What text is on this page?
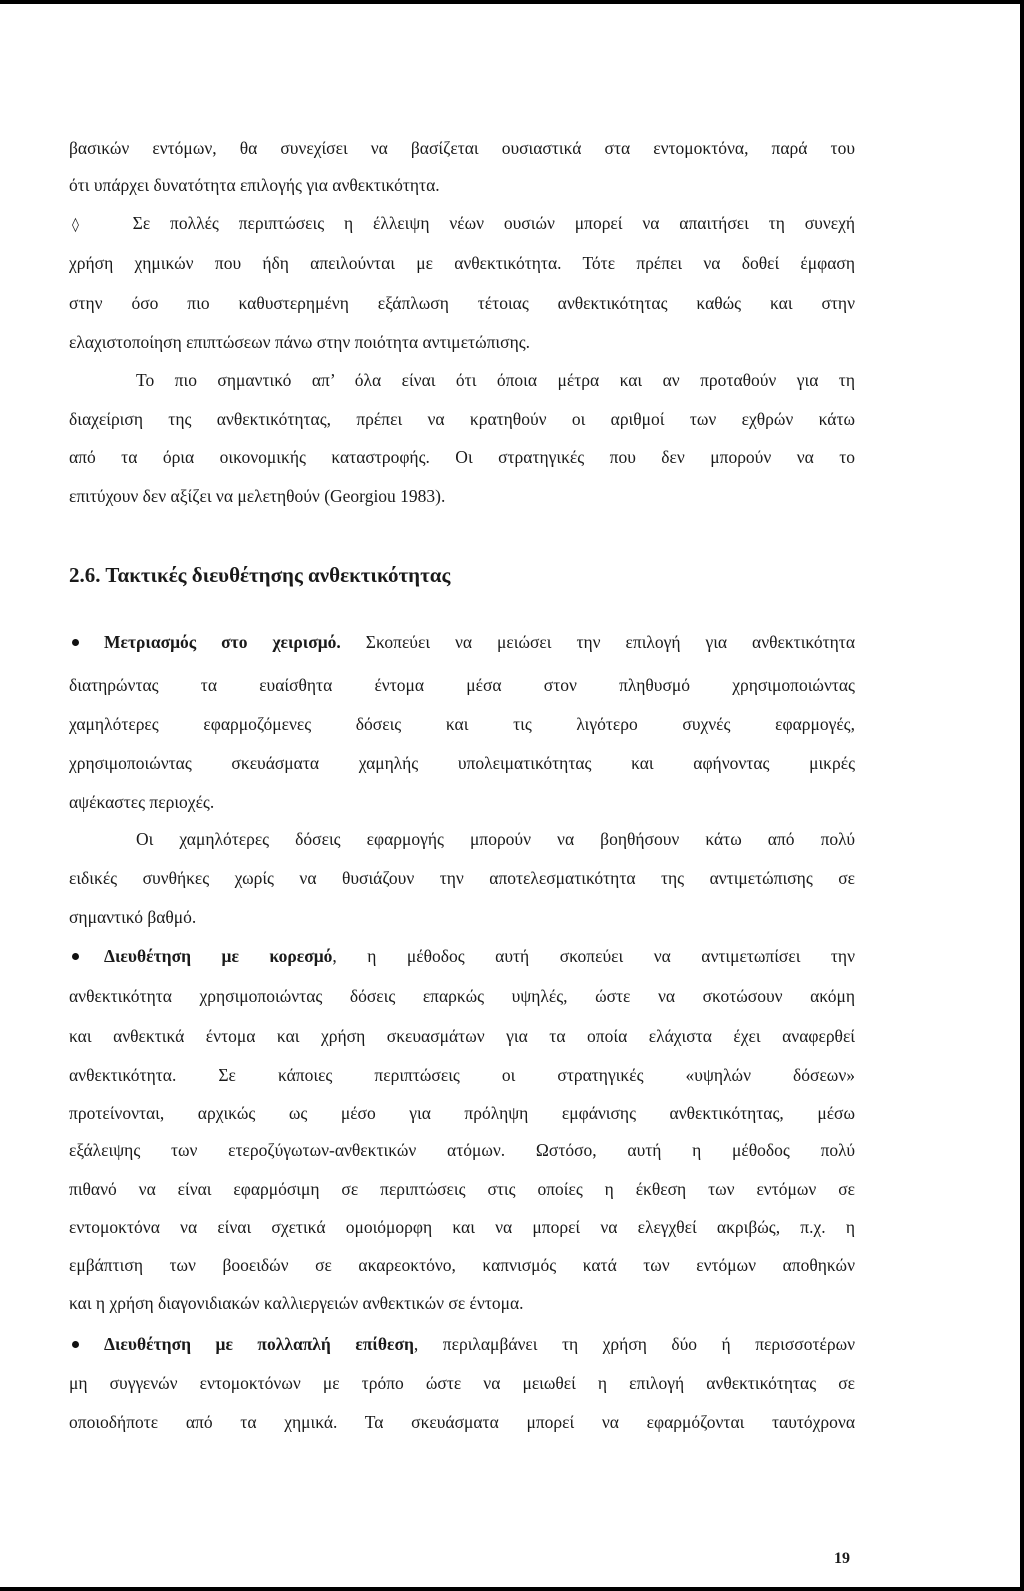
βασικών εντόμων, θα συνεχίσει να βασίζεται ουσιαστικά στα εντομοκτόνα, παρά του
ότι υπάρχει δυνατότητα επιλογής για ανθεκτικότητα.
◊	Σε πολλές περιπτώσεις η έλλειψη νέων ουσιών μπορεί να απαιτήσει τη συνεχή
χρήση χημικών που ήδη απειλούνται με ανθεκτικότητα. Τότε πρέπει να δοθεί έμφαση
στην όσο πιο καθυστερημένη εξάπλωση τέτοιας ανθεκτικότητας καθώς και στην
ελαχιστοποίηση επιπτώσεων πάνω στην ποιότητα αντιμετώπισης.
Το πιο σημαντικό απ’ όλα είναι ότι όποια μέτρα και αν προταθούν για τη
διαχείριση της ανθεκτικότητας, πρέπει να κρατηθούν οι αριθμοί των εχθρών κάτω
από τα όρια οικονομικής καταστροφής. Οι στρατηγικές που δεν μπορούν να το
επιτύχουν δεν αξίζει να μελετηθούν (Georgiou 1983).
2.6. Τακτικές διευθέτησης ανθεκτικότητας
Μετριασμός στο χειρισμό. Σκοπεύει να μειώσει την επιλογή για ανθεκτικότητα
διατηρώντας τα ευαίσθητα έντομα μέσα στον πληθυσμό χρησιμοποιώντας
χαμηλότερες εφαρμοζόμενες δόσεις και τις λιγότερο συχνές εφαρμογές,
χρησιμοποιώντας σκευάσματα χαμηλής υπολειματικότητας και αφήνοντας μικρές
αψέκαστες περιοχές.
Οι χαμηλότερες δόσεις εφαρμογής μπορούν να βοηθήσουν κάτω από πολύ
ειδικές συνθήκες χωρίς να θυσιάζουν την αποτελεσματικότητα της αντιμετώπισης σε
σημαντικό βαθμό.
Διευθέτηση με κορεσμό, η μέθοδος αυτή σκοπεύει να αντιμετωπίσει την
ανθεκτικότητα χρησιμοποιώντας δόσεις επαρκώς υψηλές, ώστε να σκοτώσουν ακόμη
και ανθεκτικά έντομα και χρήση σκευασμάτων για τα οποία ελάχιστα έχει αναφερθεί
ανθεκτικότητα. Σε κάποιες περιπτώσεις οι στρατηγικές «υψηλών δόσεων»
προτείνονται, αρχικώς ως μέσο για πρόληψη εμφάνισης ανθεκτικότητας, μέσω
εξάλειψης των ετεροζύγωτων-ανθεκτικών ατόμων. Ωστόσο, αυτή η μέθοδος πολύ
πιθανό να είναι εφαρμόσιμη σε περιπτώσεις στις οποίες η έκθεση των εντόμων σε
εντομοκτόνα να είναι σχετικά ομοιόμορφη και να μπορεί να ελεγχθεί ακριβώς, π.χ. η
εμβάπτιση των βοοειδών σε ακαρεοκτόνο, καπνισμός κατά των εντόμων αποθηκών
και η χρήση διαγονιδιακών καλλιεργειών ανθεκτικών σε έντομα.
Διευθέτηση με πολλαπλή επίθεση, περιλαμβάνει τη χρήση δύο ή περισσοτέρων
μη συγγενών εντομοκτόνων με τρόπο ώστε να μειωθεί η επιλογή ανθεκτικότητας σε
οποιοδήποτε από τα χημικά. Τα σκευάσματα μπορεί να εφαρμόζονται ταυτόχρονα
19
